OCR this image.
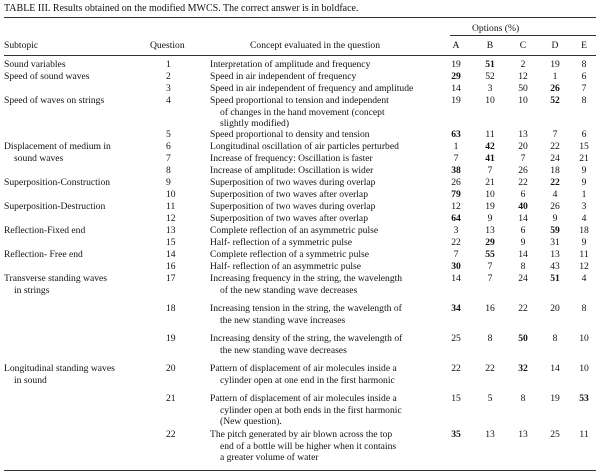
TABLE III. Results obtained on the modified MWCS. The correct answer is in boldface.
Options (%)
Subtopic	Question	Concept evaluated in the question	A	B	C	D	E
Sound variables	1	Interpretation of amplitude and frequency	19	51	2	19	8
Speed of sound waves	2	Speed in air independent of frequency	29	52	12	1	6
3	Speed in air independent of frequency and amplitude	14	3	50	26	7
Speed of waves on strings	4	Speed proportional to tension and independent
of changes in the hand movement (concept
slightly modified)
19	10	10	52	8
5	Speed proportional to density and tension	63	11	13	7	6
Displacement of medium in
sound waves
6	Longitudinal oscillation of air particles perturbed	1	42	20	22	15
7	Increase of frequency: Oscillation is faster	7	41	7	24	21
8	Increase of amplitude: Oscillation is wider	38	7	26	18	9
Superposition-Construction	9	Superposition of two waves during overlap	26	21	22	22	9
10	Superposition of two waves after overlap	79	10	6	4	1
Superposition-Destruction	11	Superposition of two waves during overlap	12	19	40	26	3
12	Superposition of two waves after overlap	64	9	14	9	4
Reflection-Fixed end	13	Complete reflection of an asymmetric pulse	3	13	6	59	18
15	Half- reflection of a symmetric pulse	22	29	9	31	9
Reflection- Free end	14	Complete reflection of a symmetric pulse	7	55	14	13	11
16	Half- reflection of an asymmetric pulse	30	7	8	43	12
Transverse standing waves
in strings
17	Increasing frequency in the string, the wavelength
of the new standing wave decreases
14	7	24	51	4
18	Increasing tension in the string, the wavelength of
the new standing wave increases
34	16	22	20	8
19	Increasing density of the string, the wavelength of
the new standing wave decreases
25	8	50	8	10
Longitudinal standing waves
in sound
20	Pattern of displacement of air molecules inside a
cylinder open at one end in the first harmonic
22	22	32	14	10
21	Pattern of displacement of air molecules inside a
cylinder open at both ends in the first harmonic
(New question).
15	5	8	19	53
22	The pitch generated by air blown across the top
end of a bottle will be higher when it contains
a greater volume of water
35	13	13	25	11
